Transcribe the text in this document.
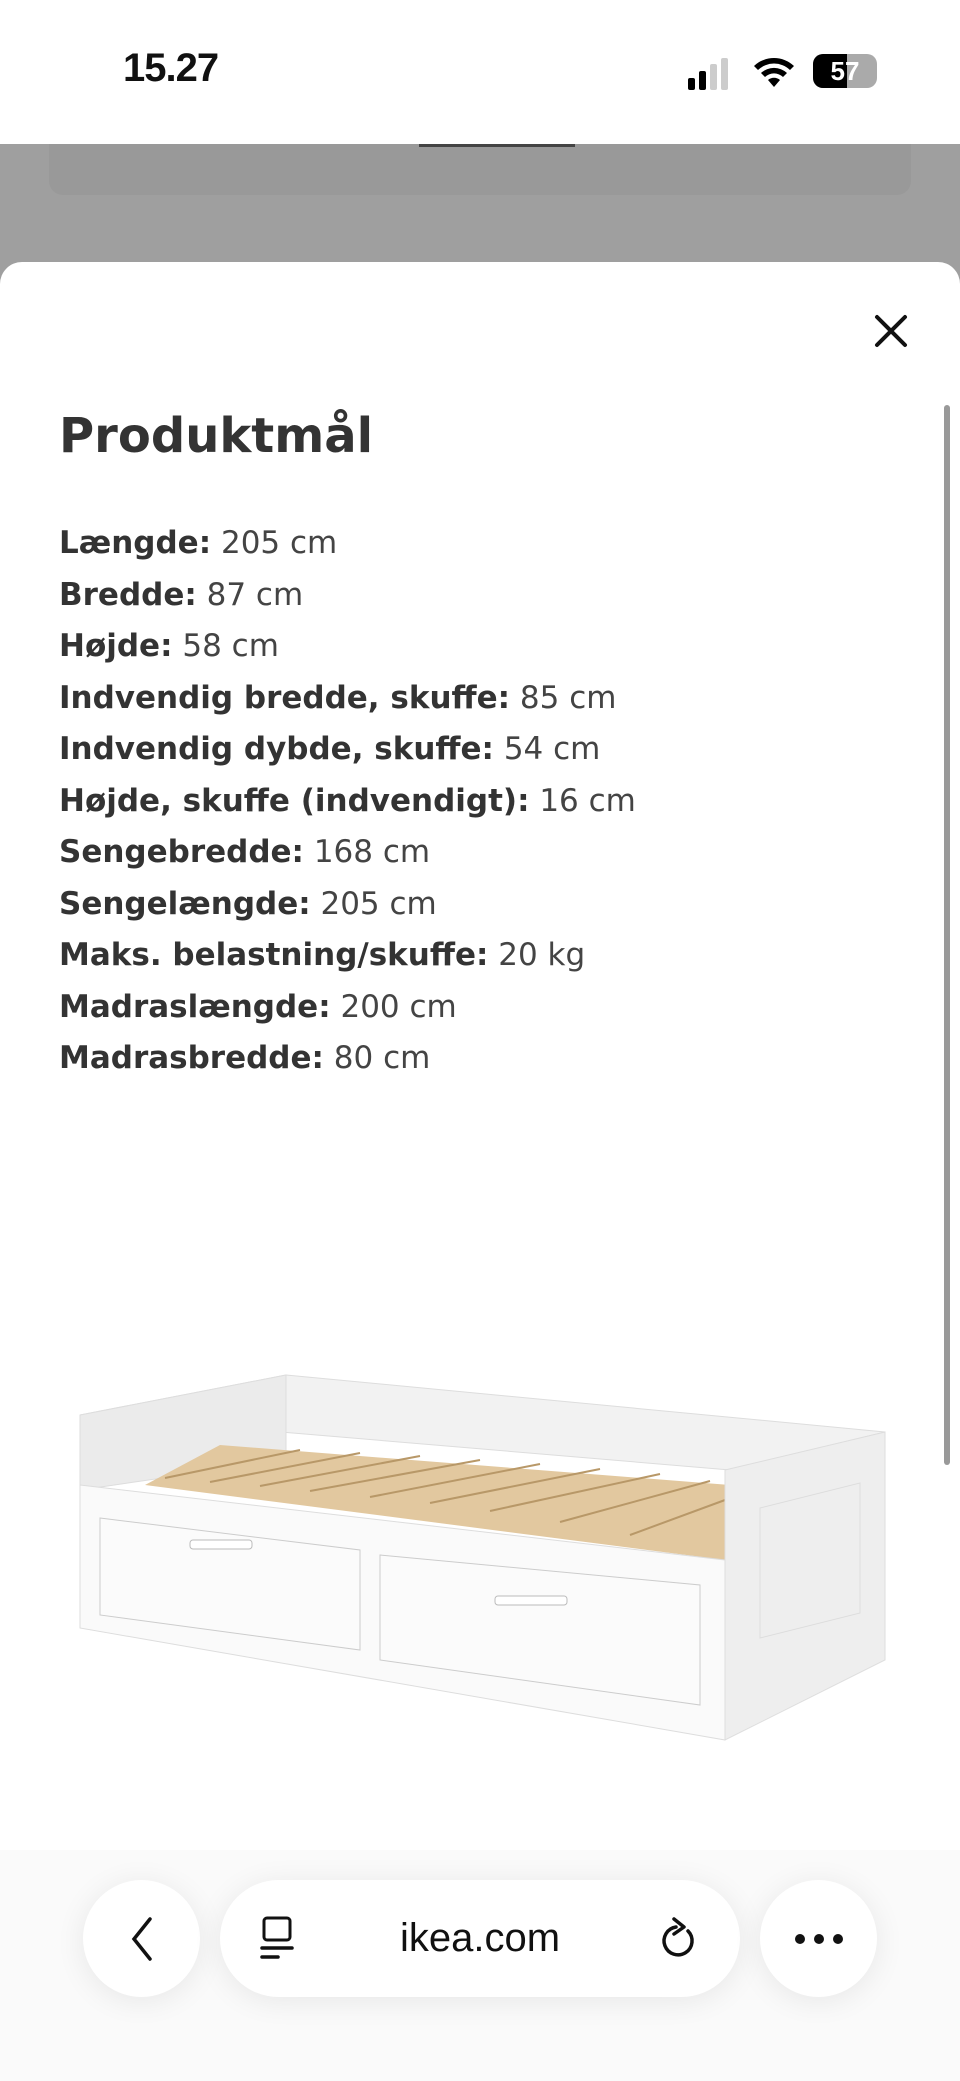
15.27	57
Produktmål
Længde: 205 cm
Bredde: 87 cm
Højde: 58 cm
Indvendig bredde, skuffe: 85 cm
Indvendig dybde, skuffe: 54 cm
Højde, skuffe (indvendigt): 16 cm
Sengebredde: 168 cm
Sengelængde: 205 cm
Maks. belastning/skuffe: 20 kg
Madraslængde: 200 cm
Madrasbredde: 80 cm
ikea.com
